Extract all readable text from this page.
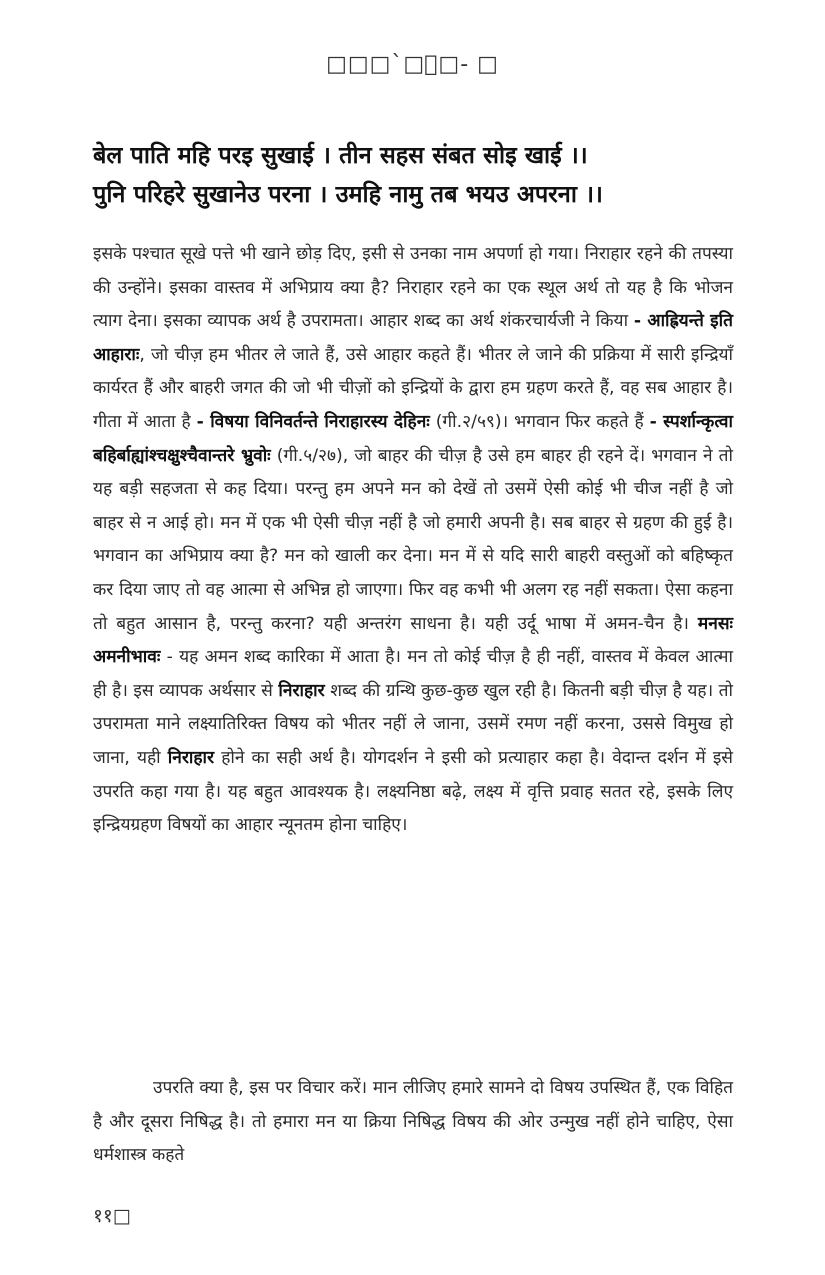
□□□`□ौ□- □
बेल पाति महि परइ सुखाई । तीन सहस संबत सोइ खाई ।।
पुनि परिहरे सुखानेउ परना । उमहि नामु तब भयउ अपरना ।।
इसके पश्चात सूखे पत्ते भी खाने छोड़ दिए, इसी से उनका नाम अपर्णा हो गया। निराहार रहने की तपस्या की उन्होंने। इसका वास्तव में अभिप्राय क्या है? निराहार रहने का एक स्थूल अर्थ तो यह है कि भोजन त्याग देना। इसका व्यापक अर्थ है उपरामता। आहार शब्द का अर्थ शंकरचार्यजी ने किया - आह्रियन्ते इति आहाराः, जो चीज़ हम भीतर ले जाते हैं, उसे आहार कहते हैं। भीतर ले जाने की प्रक्रिया में सारी इन्द्रियाँ कार्यरत हैं और बाहरी जगत की जो भी चीज़ों को इन्द्रियों के द्वारा हम ग्रहण करते हैं, वह सब आहार है। गीता में आता है - विषया विनिवर्तन्ते निराहारस्य देहिनः (गी.२/५९)। भगवान फिर कहते हैं - स्पर्शान्कृत्वा बहिर्बाह्यांश्चक्षुश्चैवान्तरे भ्रुवोः (गी.५/२७), जो बाहर की चीज़ है उसे हम बाहर ही रहने दें। भगवान ने तो यह बड़ी सहजता से कह दिया। परन्तु हम अपने मन को देखें तो उसमें ऐसी कोई भी चीज नहीं है जो बाहर से न आई हो। मन में एक भी ऐसी चीज़ नहीं है जो हमारी अपनी है। सब बाहर से ग्रहण की हुई है। भगवान का अभिप्राय क्या है? मन को खाली कर देना। मन में से यदि सारी बाहरी वस्तुओं को बहिष्कृत कर दिया जाए तो वह आत्मा से अभिन्न हो जाएगा। फिर वह कभी भी अलग रह नहीं सकता। ऐसा कहना तो बहुत आसान है, परन्तु करना? यही अन्तरंग साधना है। यही उर्दू भाषा में अमन-चैन है। मनसः अमनीभावः - यह अमन शब्द कारिका में आता है। मन तो कोई चीज़ है ही नहीं, वास्तव में केवल आत्मा ही है। इस व्यापक अर्थसार से निराहार शब्द की ग्रन्थि कुछ-कुछ खुल रही है। कितनी बड़ी चीज़ है यह। तो उपरामता माने लक्ष्यातिरिक्त विषय को भीतर नहीं ले जाना, उसमें रमण नहीं करना, उससे विमुख हो जाना, यही निराहार होने का सही अर्थ है। योगदर्शन ने इसी को प्रत्याहार कहा है। वेदान्त दर्शन में इसे उपरति कहा गया है। यह बहुत आवश्यक है। लक्ष्यनिष्ठा बढ़े, लक्ष्य में वृत्ति प्रवाह सतत रहे, इसके लिए इन्द्रियग्रहण विषयों का आहार न्यूनतम होना चाहिए।
उपरति क्या है, इस पर विचार करें। मान लीजिए हमारे सामने दो विषय उपस्थित हैं, एक विहित है और दूसरा निषिद्ध है। तो हमारा मन या क्रिया निषिद्ध विषय की ओर उन्मुख नहीं होने चाहिए, ऐसा धर्मशास्त्र कहते
११□
